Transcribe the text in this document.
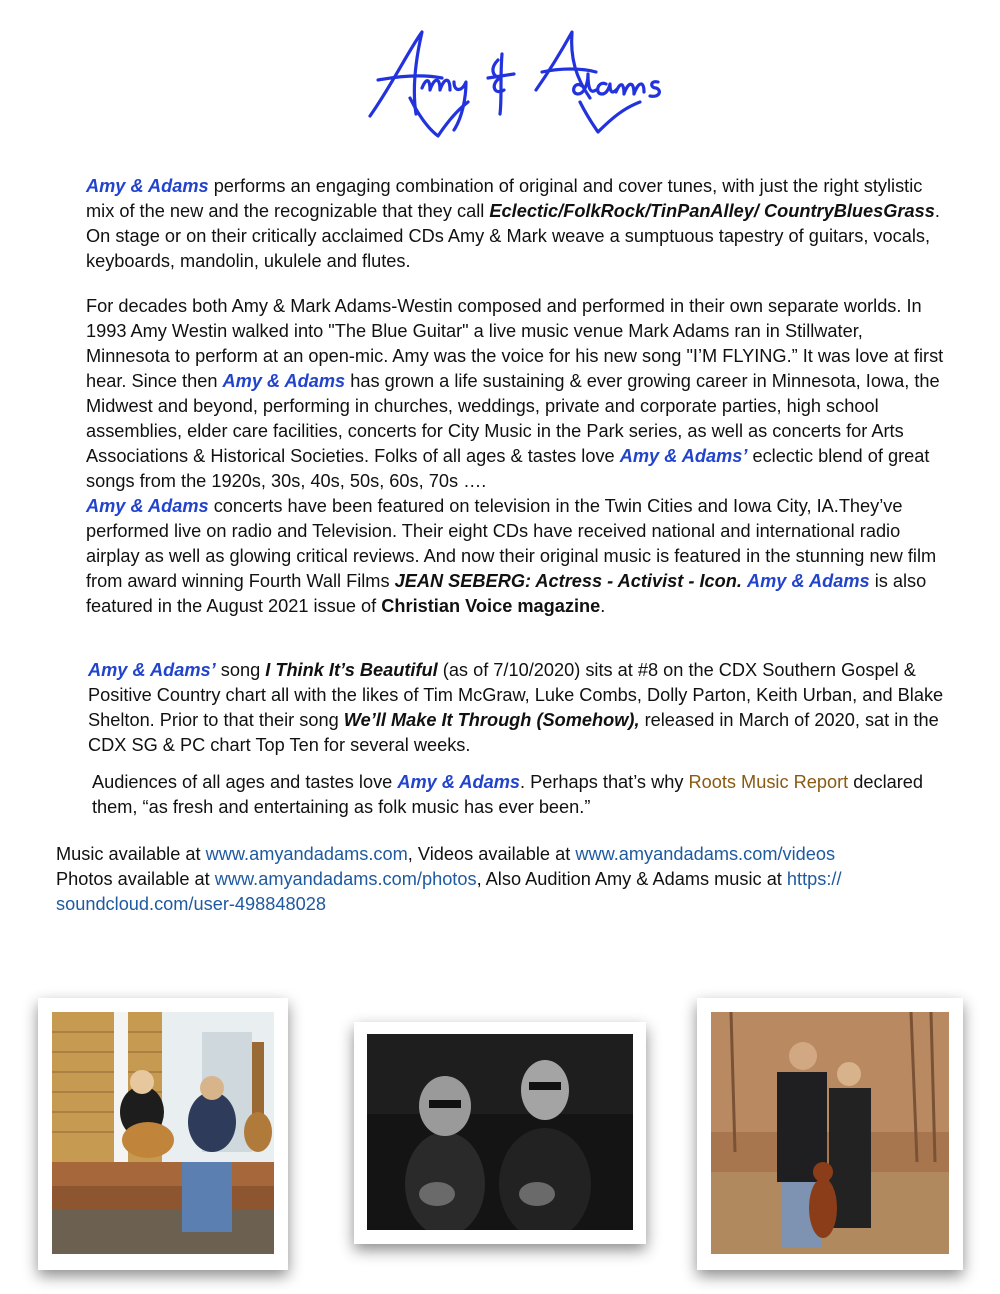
Amy & Adams performs an engaging combination of original and cover tunes, with just the right stylistic mix of the new and the recognizable that they call Eclectic/FolkRock/TinPanAlley/ CountryBluesGrass. On stage or on their critically acclaimed CDs Amy & Mark weave a sumptuous tapestry of guitars, vocals, keyboards, mandolin, ukulele and flutes.

For decades both Amy & Mark Adams-Westin composed and performed in their own separate worlds. In 1993 Amy Westin walked into "The Blue Guitar" a live music venue Mark Adams ran in Stillwater, Minnesota to perform at an open-mic. Amy was the voice for his new song "I’M FLYING.” It was love at first hear. Since then Amy & Adams has grown a life sustaining & ever growing career in Minnesota, Iowa, the Midwest and beyond, performing in churches, weddings, private and corporate parties, high school assemblies, elder care facilities, concerts for City Music in the Park series, as well as concerts for Arts Associations & Historical Societies. Folks of all ages & tastes love Amy & Adams’ eclectic blend of great songs from the 1920s, 30s, 40s, 50s, 60s, 70s ….
Amy & Adams concerts have been featured on television in the Twin Cities and Iowa City, IA.They’ve performed live on radio and Television. Their eight CDs have received national and international radio airplay as well as glowing critical reviews. And now their original music is featured in the stunning new film from award winning Fourth Wall Films JEAN SEBERG: Actress - Activist - Icon. Amy & Adams is also featured in the August 2021 issue of Christian Voice magazine.

Amy & Adams’ song I Think It’s Beautiful (as of 7/10/2020) sits at #8 on the CDX Southern Gospel & Positive Country chart all with the likes of Tim McGraw, Luke Combs, Dolly Parton, Keith Urban, and Blake Shelton. Prior to that their song We’ll Make It Through (Somehow), released in March of 2020, sat in the CDX SG & PC chart Top Ten for several weeks.

Audiences of all ages and tastes love Amy & Adams. Perhaps that’s why Roots Music Report declared them, “as fresh and entertaining as folk music has ever been.”

Music available at www.amyandadams.com, Videos available at www.amyandadams.com/videos
Photos available at www.amyandadams.com/photos, Also Audition Amy & Adams music at https:// soundcloud.com/user-498848028
